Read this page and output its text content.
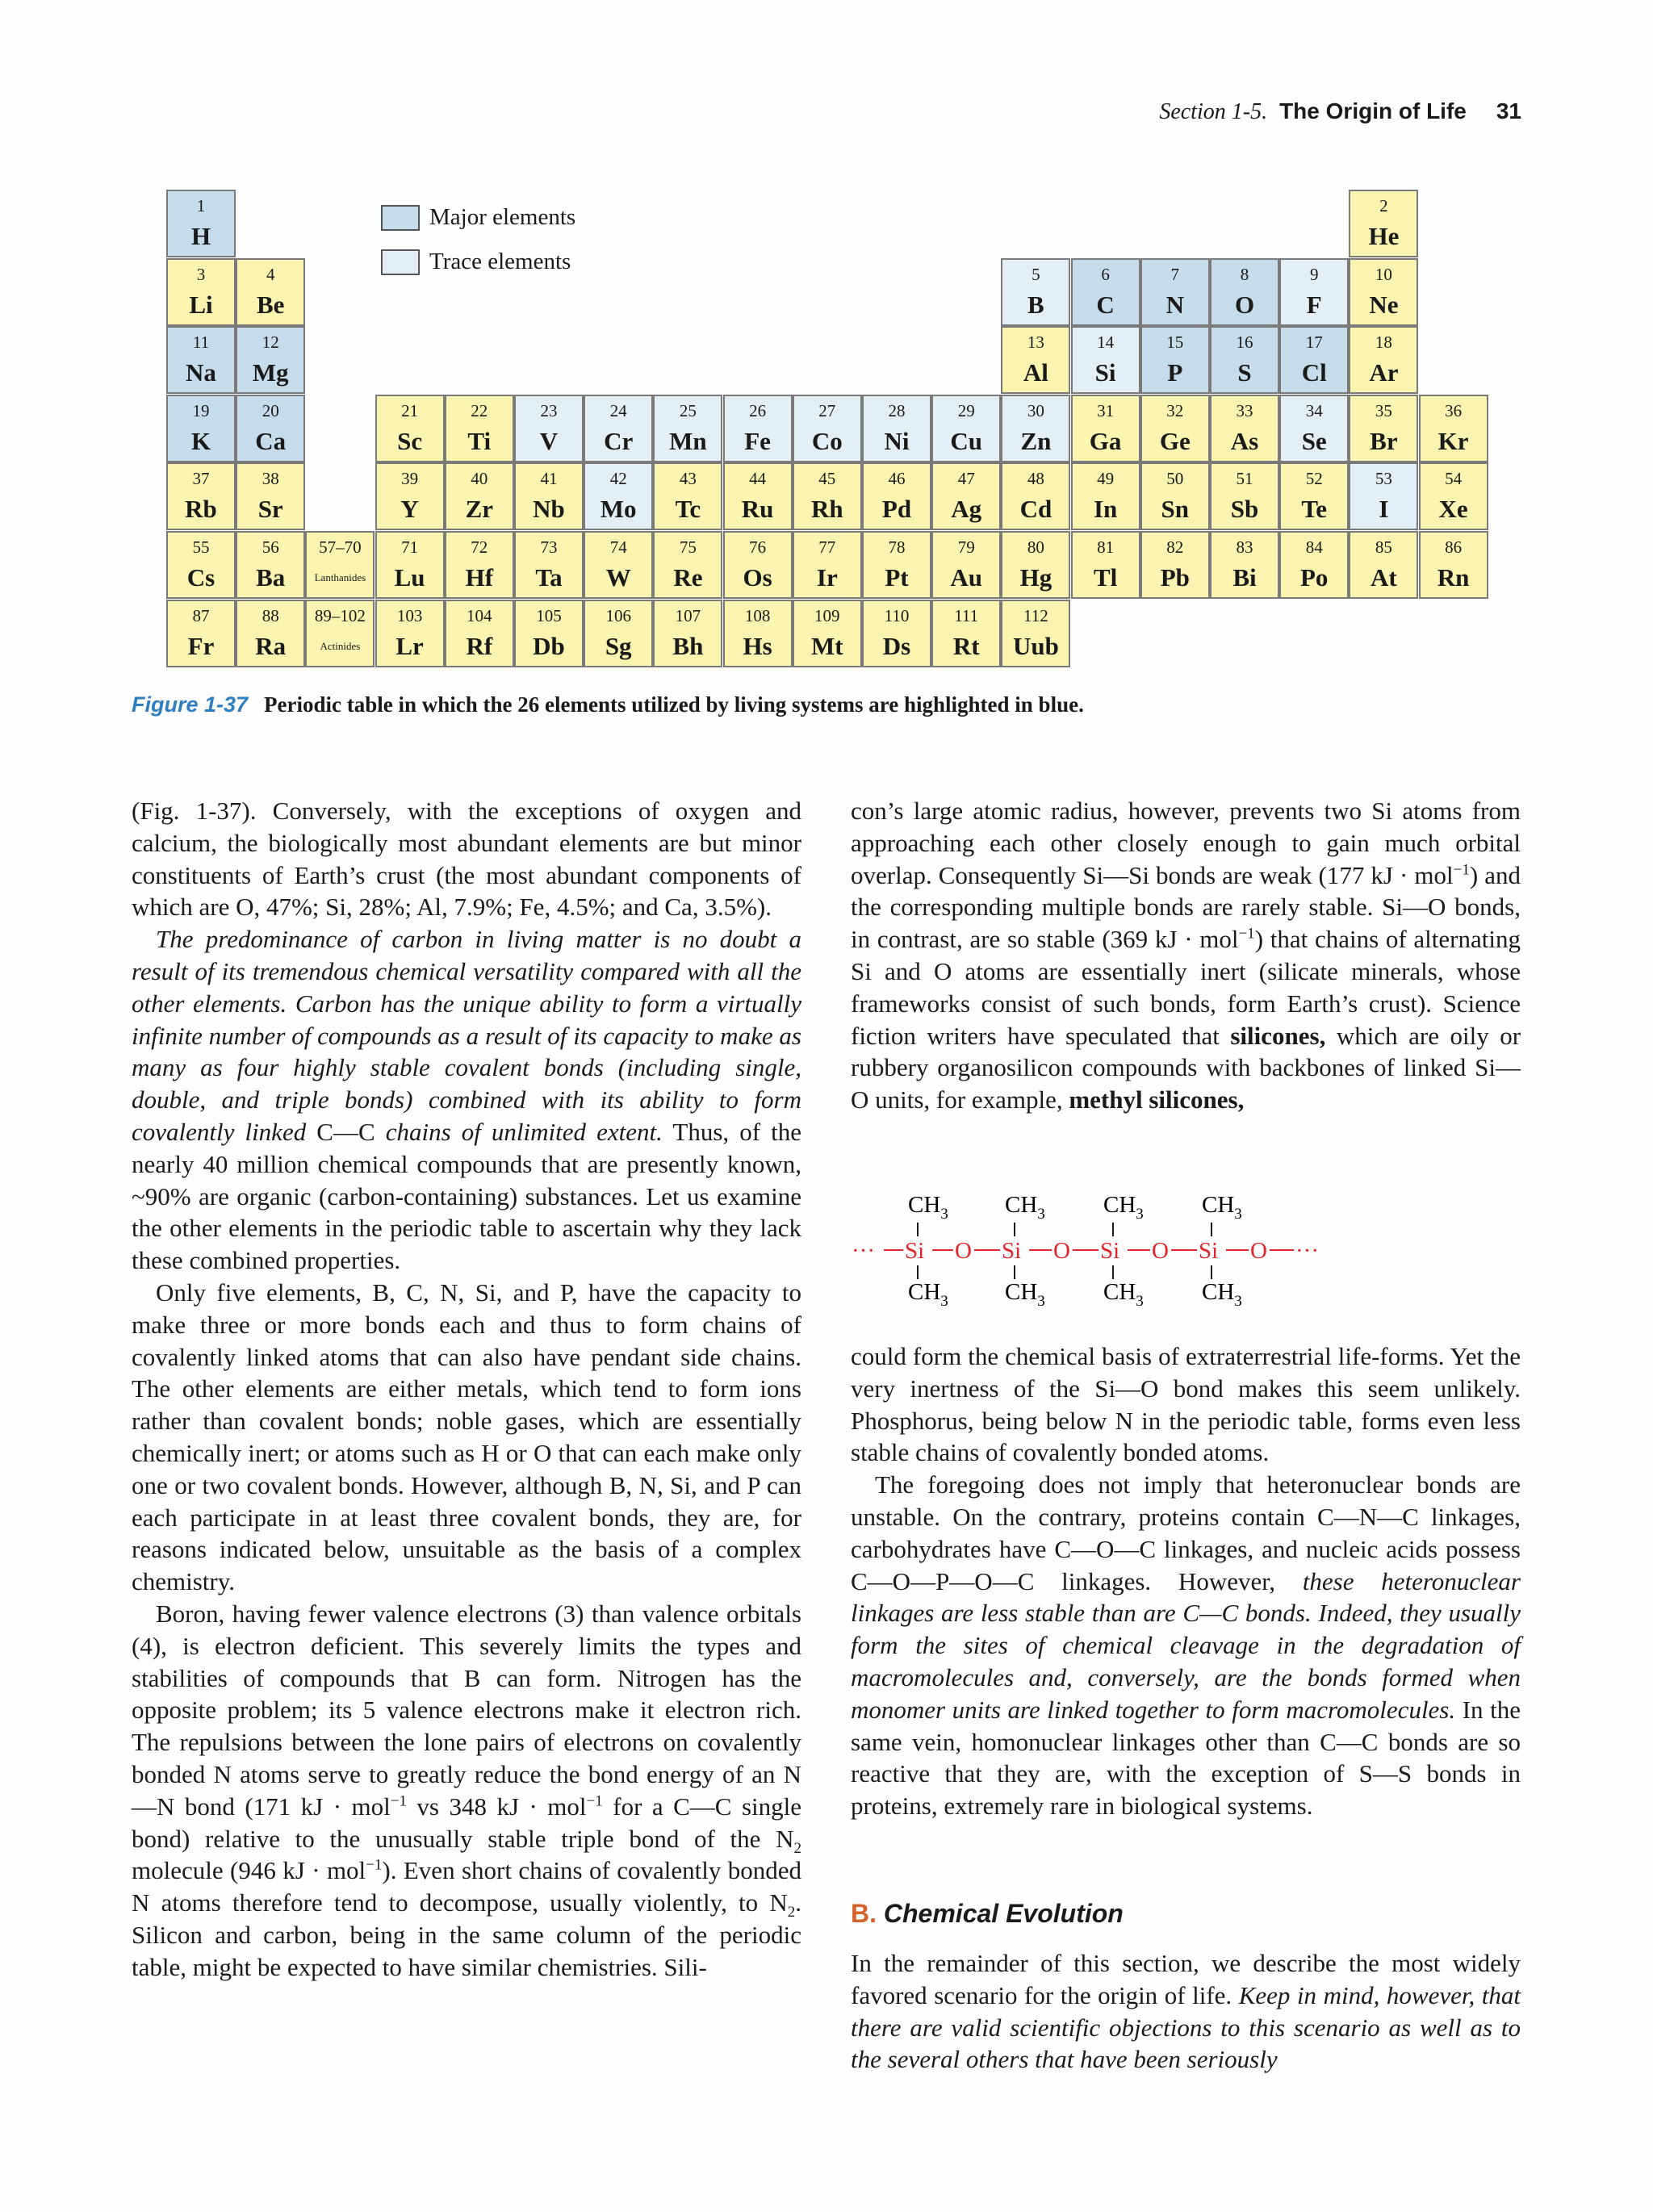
Section 1-5. The Origin of Life 31
Major elements
Trace elements
1
H
2
He
3
Li
4
Be
5
B
6
C
7
N
8
O
9
F
10
Ne
11
Na
12
Mg
13
Al
14
Si
15
P
16
S
17
Cl
18
Ar
19
K
20
Ca
21
Sc
22
Ti
23
V
24
Cr
25
Mn
26
Fe
27
Co
28
Ni
29
Cu
30
Zn
31
Ga
32
Ge
33
As
34
Se
35
Br
36
Kr
37
Rb
38
Sr
39
Y
40
Zr
41
Nb
42
Mo
43
Tc
44
Ru
45
Rh
46
Pd
47
Ag
48
Cd
49
In
50
Sn
51
Sb
52
Te
53
I
54
Xe
55
Cs
56
Ba
57–70
Lanthanides
71
Lu
72
Hf
73
Ta
74
W
75
Re
76
Os
77
Ir
78
Pt
79
Au
80
Hg
81
Tl
82
Pb
83
Bi
84
Po
85
At
86
Rn
87
Fr
88
Ra
89–102
Actinides
103
Lr
104
Rf
105
Db
106
Sg
107
Bh
108
Hs
109
Mt
110
Ds
111
Rt
112
Uub
Figure 1-37 Periodic table in which the 26 elements utilized by living systems are highlighted in blue.

(Fig. 1-37). Conversely, with the exceptions of oxygen and calcium, the biologically most abundant elements are but minor constituents of Earth’s crust (the most abundant components of which are O, 47%; Si, 28%; Al, 7.9%; Fe, 4.5%; and Ca, 3.5%).

The predominance of carbon in living matter is no doubt a result of its tremendous chemical versatility compared with all the other elements. Carbon has the unique ability to form a virtually infinite number of compounds as a result of its capacity to make as many as four highly stable covalent bonds (including single, double, and triple bonds) combined with its ability to form covalently linked C—C chains of unlimited extent. Thus, of the nearly 40 million chemical compounds that are presently known, ~90% are organic (carbon-containing) substances. Let us examine the other elements in the periodic table to ascertain why they lack these combined properties.

Only five elements, B, C, N, Si, and P, have the capacity to make three or more bonds each and thus to form chains of covalently linked atoms that can also have pendant side chains. The other elements are either metals, which tend to form ions rather than covalent bonds; noble gases, which are essentially chemically inert; or atoms such as H or O that can each make only one or two covalent bonds. However, although B, N, Si, and P can each participate in at least three covalent bonds, they are, for reasons indicated below, unsuitable as the basis of a complex chemistry.

Boron, having fewer valence electrons (3) than valence orbitals (4), is electron deficient. This severely limits the types and stabilities of compounds that B can form. Nitrogen has the opposite problem; its 5 valence electrons make it electron rich. The repulsions between the lone pairs of electrons on covalently bonded N atoms serve to greatly reduce the bond energy of an N—N bond (171 kJ · mol$^{-1}$ vs 348 kJ · mol$^{-1}$ for a C—C single bond) relative to the unusually stable triple bond of the $N_2$ molecule (946 kJ · mol$^{-1}$). Even short chains of covalently bonded N atoms therefore tend to decompose, usually violently, to $N_2$. Silicon and carbon, being in the same column of the periodic table, might be expected to have similar chemistries. Sili-

con’s large atomic radius, however, prevents two Si atoms from approaching each other closely enough to gain much orbital overlap. Consequently Si—Si bonds are weak (177 kJ · mol$^{-1}$) and the corresponding multiple bonds are rarely stable. Si—O bonds, in contrast, are so stable (369 kJ · mol$^{-1}$) that chains of alternating Si and O atoms are essentially inert (silicate minerals, whose frameworks consist of such bonds, form Earth’s crust). Science fiction writers have speculated that silicones, which are oily or rubbery organosilicon compounds with backbones of linked Si—O units, for example, methyl silicones,

$CH_3$ $CH_3$ $CH_3$ $CH_3$
$CH_3$ $CH_3$ $CH_3$ $CH_3$
··· Si O Si O Si O Si O ···

could form the chemical basis of extraterrestrial life-forms. Yet the very inertness of the Si—O bond makes this seem unlikely. Phosphorus, being below N in the periodic table, forms even less stable chains of covalently bonded atoms.

The foregoing does not imply that heteronuclear bonds are unstable. On the contrary, proteins contain C—N—C linkages, carbohydrates have C—O—C linkages, and nucleic acids possess C—O—P—O—C linkages. However, these heteronuclear linkages are less stable than are C—C bonds. Indeed, they usually form the sites of chemical cleavage in the degradation of macromolecules and, conversely, are the bonds formed when monomer units are linked together to form macromolecules. In the same vein, homonuclear linkages other than C—C bonds are so reactive that they are, with the exception of S—S bonds in proteins, extremely rare in biological systems.

B. Chemical Evolution

In the remainder of this section, we describe the most widely favored scenario for the origin of life. Keep in mind, however, that there are valid scientific objections to this scenario as well as to the several others that have been seriously
